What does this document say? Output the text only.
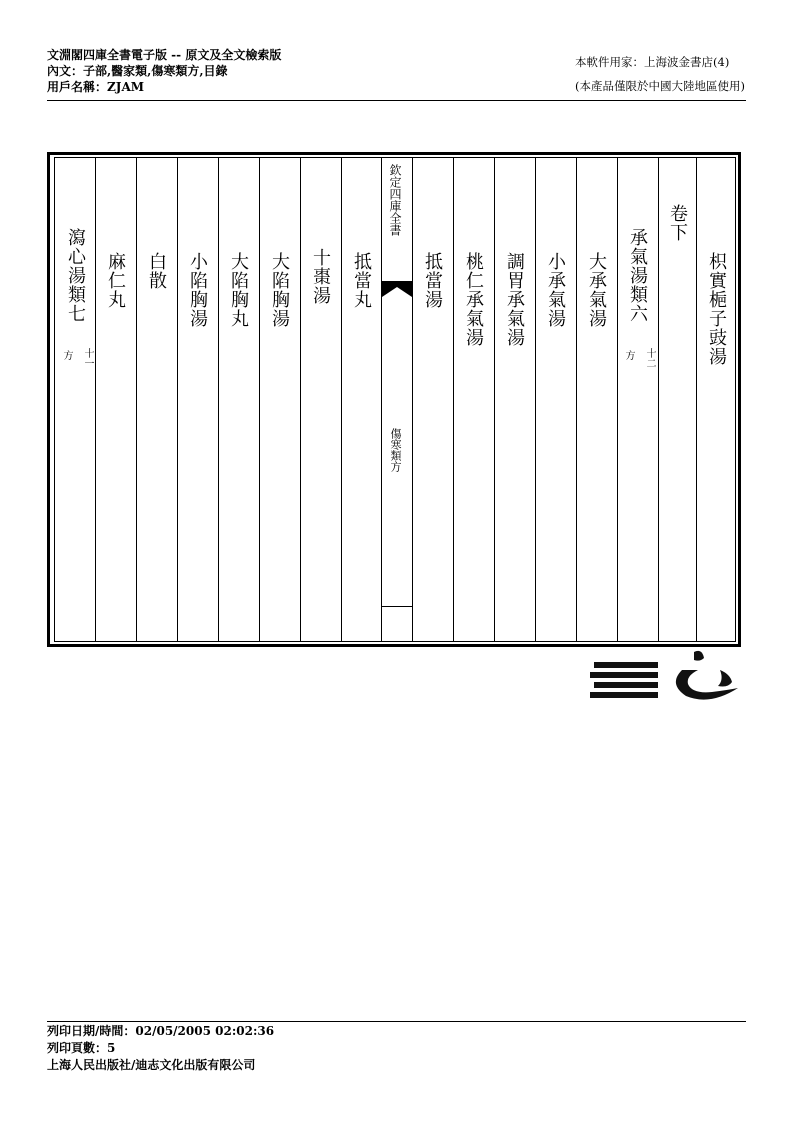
文淵閣四庫全書電子版 -- 原文及全文檢索版
內文：子部,醫家類,傷寒類方,目錄
用戶名稱：ZJAM
本軟件用家：上海波金書店(4)
(本產品僅限於中國大陸地區使用)
瀉心湯類七
十一
方
麻仁丸 白散 小陷胸湯 大陷胸丸 大陷胸湯 十棗湯 抵當丸
欽定四庫全書
傷寒類方
抵當湯 桃仁承氣湯 調胃承氣湯 小承氣湯 大承氣湯 承氣湯類六
十二
方
卷下
枳實梔子豉湯
列印日期/時間：02/05/2005 02:02:36
列印頁數：5
上海人民出版社/迪志文化出版有限公司
